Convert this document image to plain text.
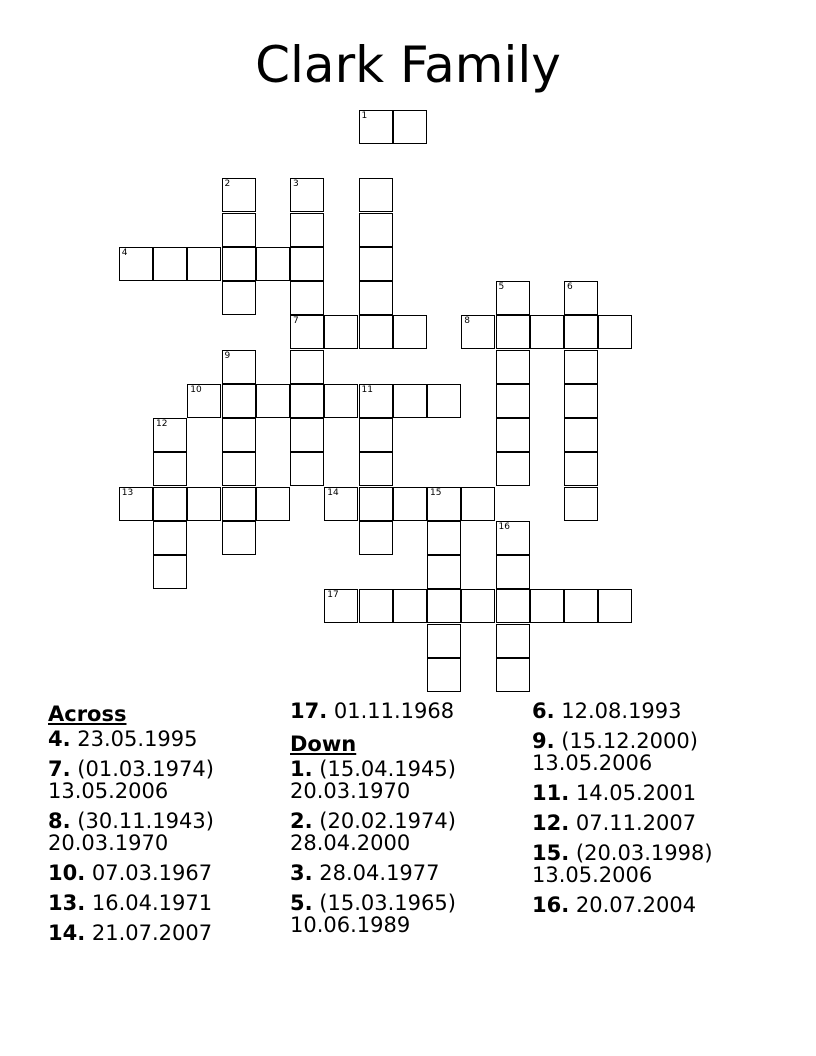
Clark Family
1
2	3
4
5	6
7	8
9
10	11
12
13	14	15
16
17
Across
4. 23.05.1995
7. (01.03.1974) 13.05.2006
8. (30.11.1943) 20.03.1970
10. 07.03.1967
13. 16.04.1971
14. 21.07.2007
17. 01.11.1968
Down
1. (15.04.1945) 20.03.1970
2. (20.02.1974) 28.04.2000
3. 28.04.1977
5. (15.03.1965) 10.06.1989
6. 12.08.1993
9. (15.12.2000) 13.05.2006
11. 14.05.2001
12. 07.11.2007
15. (20.03.1998) 13.05.2006
16. 20.07.2004
